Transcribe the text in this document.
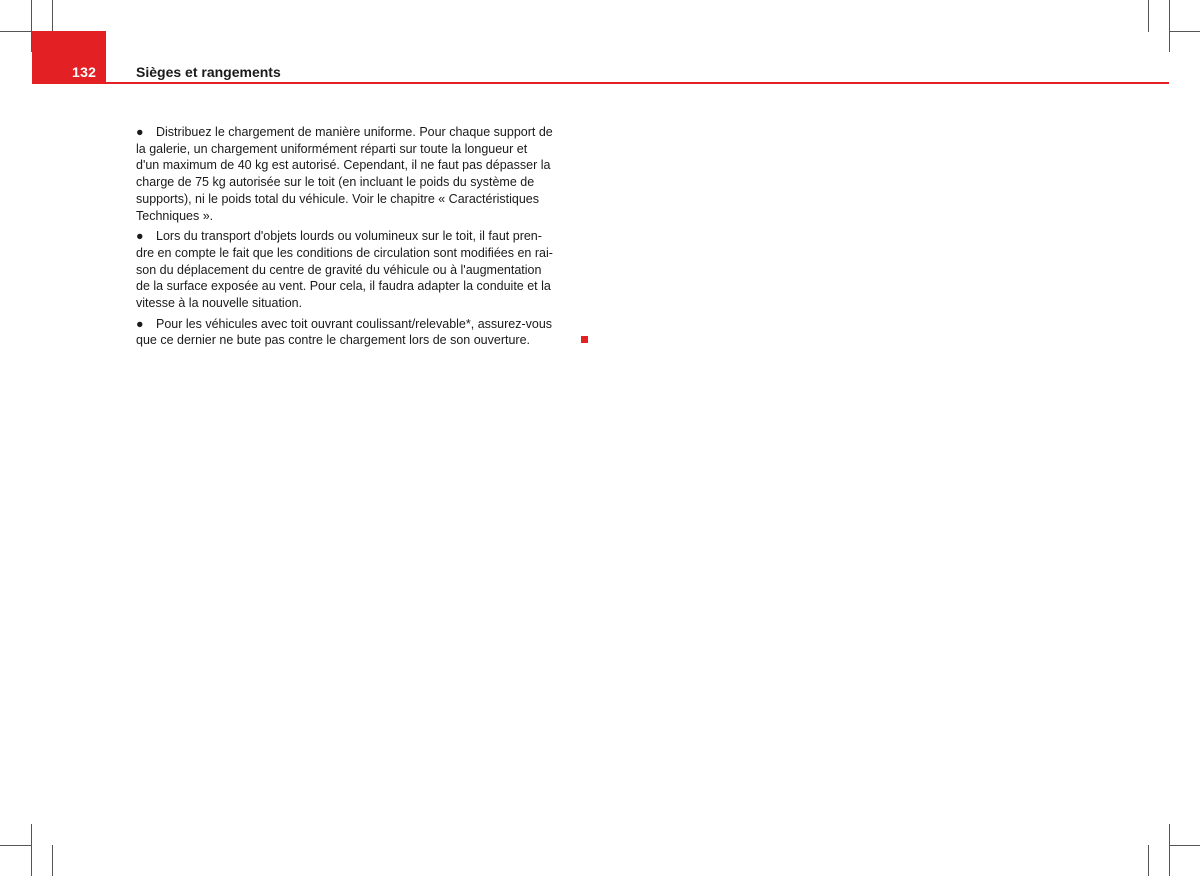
132	Sièges et rangements
● Distribuez le chargement de manière uniforme. Pour chaque support de
la galerie, un chargement uniformément réparti sur toute la longueur et
d'un maximum de 40 kg est autorisé. Cependant, il ne faut pas dépasser la
charge de 75 kg autorisée sur le toit (en incluant le poids du système de
supports), ni le poids total du véhicule. Voir le chapitre « Caractéristiques
Techniques ».
● Lors du transport d'objets lourds ou volumineux sur le toit, il faut pren-
dre en compte le fait que les conditions de circulation sont modifiées en rai-
son du déplacement du centre de gravité du véhicule ou à l'augmentation
de la surface exposée au vent. Pour cela, il faudra adapter la conduite et la
vitesse à la nouvelle situation.
● Pour les véhicules avec toit ouvrant coulissant/relevable*, assurez-vous
que ce dernier ne bute pas contre le chargement lors de son ouverture.
